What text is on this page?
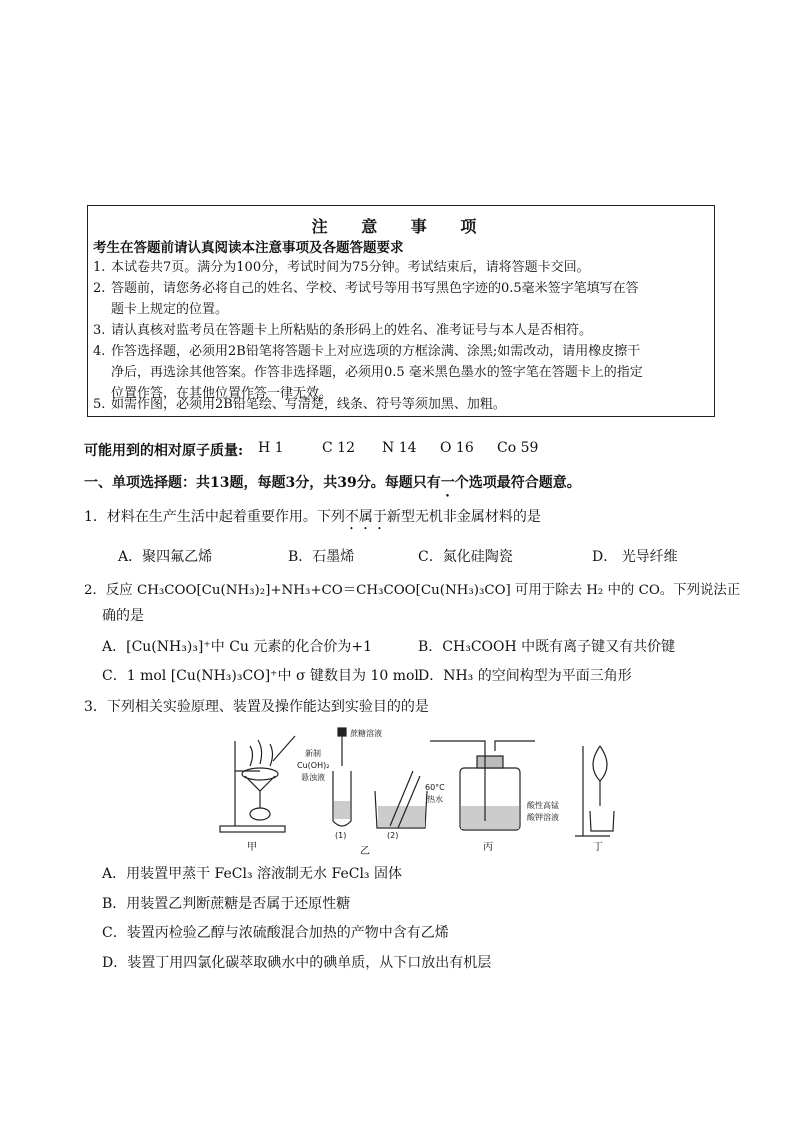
注 意 事 项
考生在答题前请认真阅读本注意事项及各题答题要求
1. 本试卷共7页。满分为100分，考试时间为75分钟。考试结束后，请将答题卡交回。
2. 答题前，请您务必将自己的姓名、学校、考试号等用书写黑色字迹的0.5毫米签字笔填写在答
题卡上规定的位置。
3. 请认真核对监考员在答题卡上所粘贴的条形码上的姓名、准考证号与本人是否相符。
4. 作答选择题，必须用2B铅笔将答题卡上对应选项的方框涂满、涂黑;如需改动，请用橡皮擦干
净后，再选涂其他答案。作答非选择题，必须用0.5 毫米黑色墨水的签字笔在答题卡上的指定
位置作答，在其他位置作答一律无效。
5. 如需作图，必须用2B铅笔绘、写清楚，线条、符号等须加黑、加粗。
可能用到的相对原子质量: H 1	C 12 N 14 O 16 Co 59
一、单项选择题：共13题，每题3分，共39分。每题只有一个选项最符合题意。
1．材料在生产生活中起着重要作用。下列不属于新型无机非金属材料的是
A．聚四氟乙烯	B．石墨烯	C．氮化硅陶瓷	D． 光导纤维
2．反应 CH₃COO[Cu(NH₃)₂]+NH₃+CO＝CH₃COO[Cu(NH₃)₃CO] 可用于除去 H₂ 中的 CO。下列说法正
确的是
A．[Cu(NH₃)₃]⁺中 Cu 元素的化合价为+1	B．CH₃COOH 中既有离子键又有共价键
C．1 mol [Cu(NH₃)₃CO]⁺中 σ 键数目为 10 mol D．NH₃ 的空间构型为平面三角形
3．下列相关实验原理、装置及操作能达到实验目的的是
蔗糖溶液
新制
Cu(OH)₂
悬浊液
60°C
热水
(1)	(2)
酸性高锰
酸钾溶液
甲	乙	丙	丁
A．用装置甲蒸干 FeCl₃ 溶液制无水 FeCl₃ 固体
B．用装置乙判断蔗糖是否属于还原性糖
C．装置丙检验乙醇与浓硫酸混合加热的产物中含有乙烯
D．装置丁用四氯化碳萃取碘水中的碘单质，从下口放出有机层
